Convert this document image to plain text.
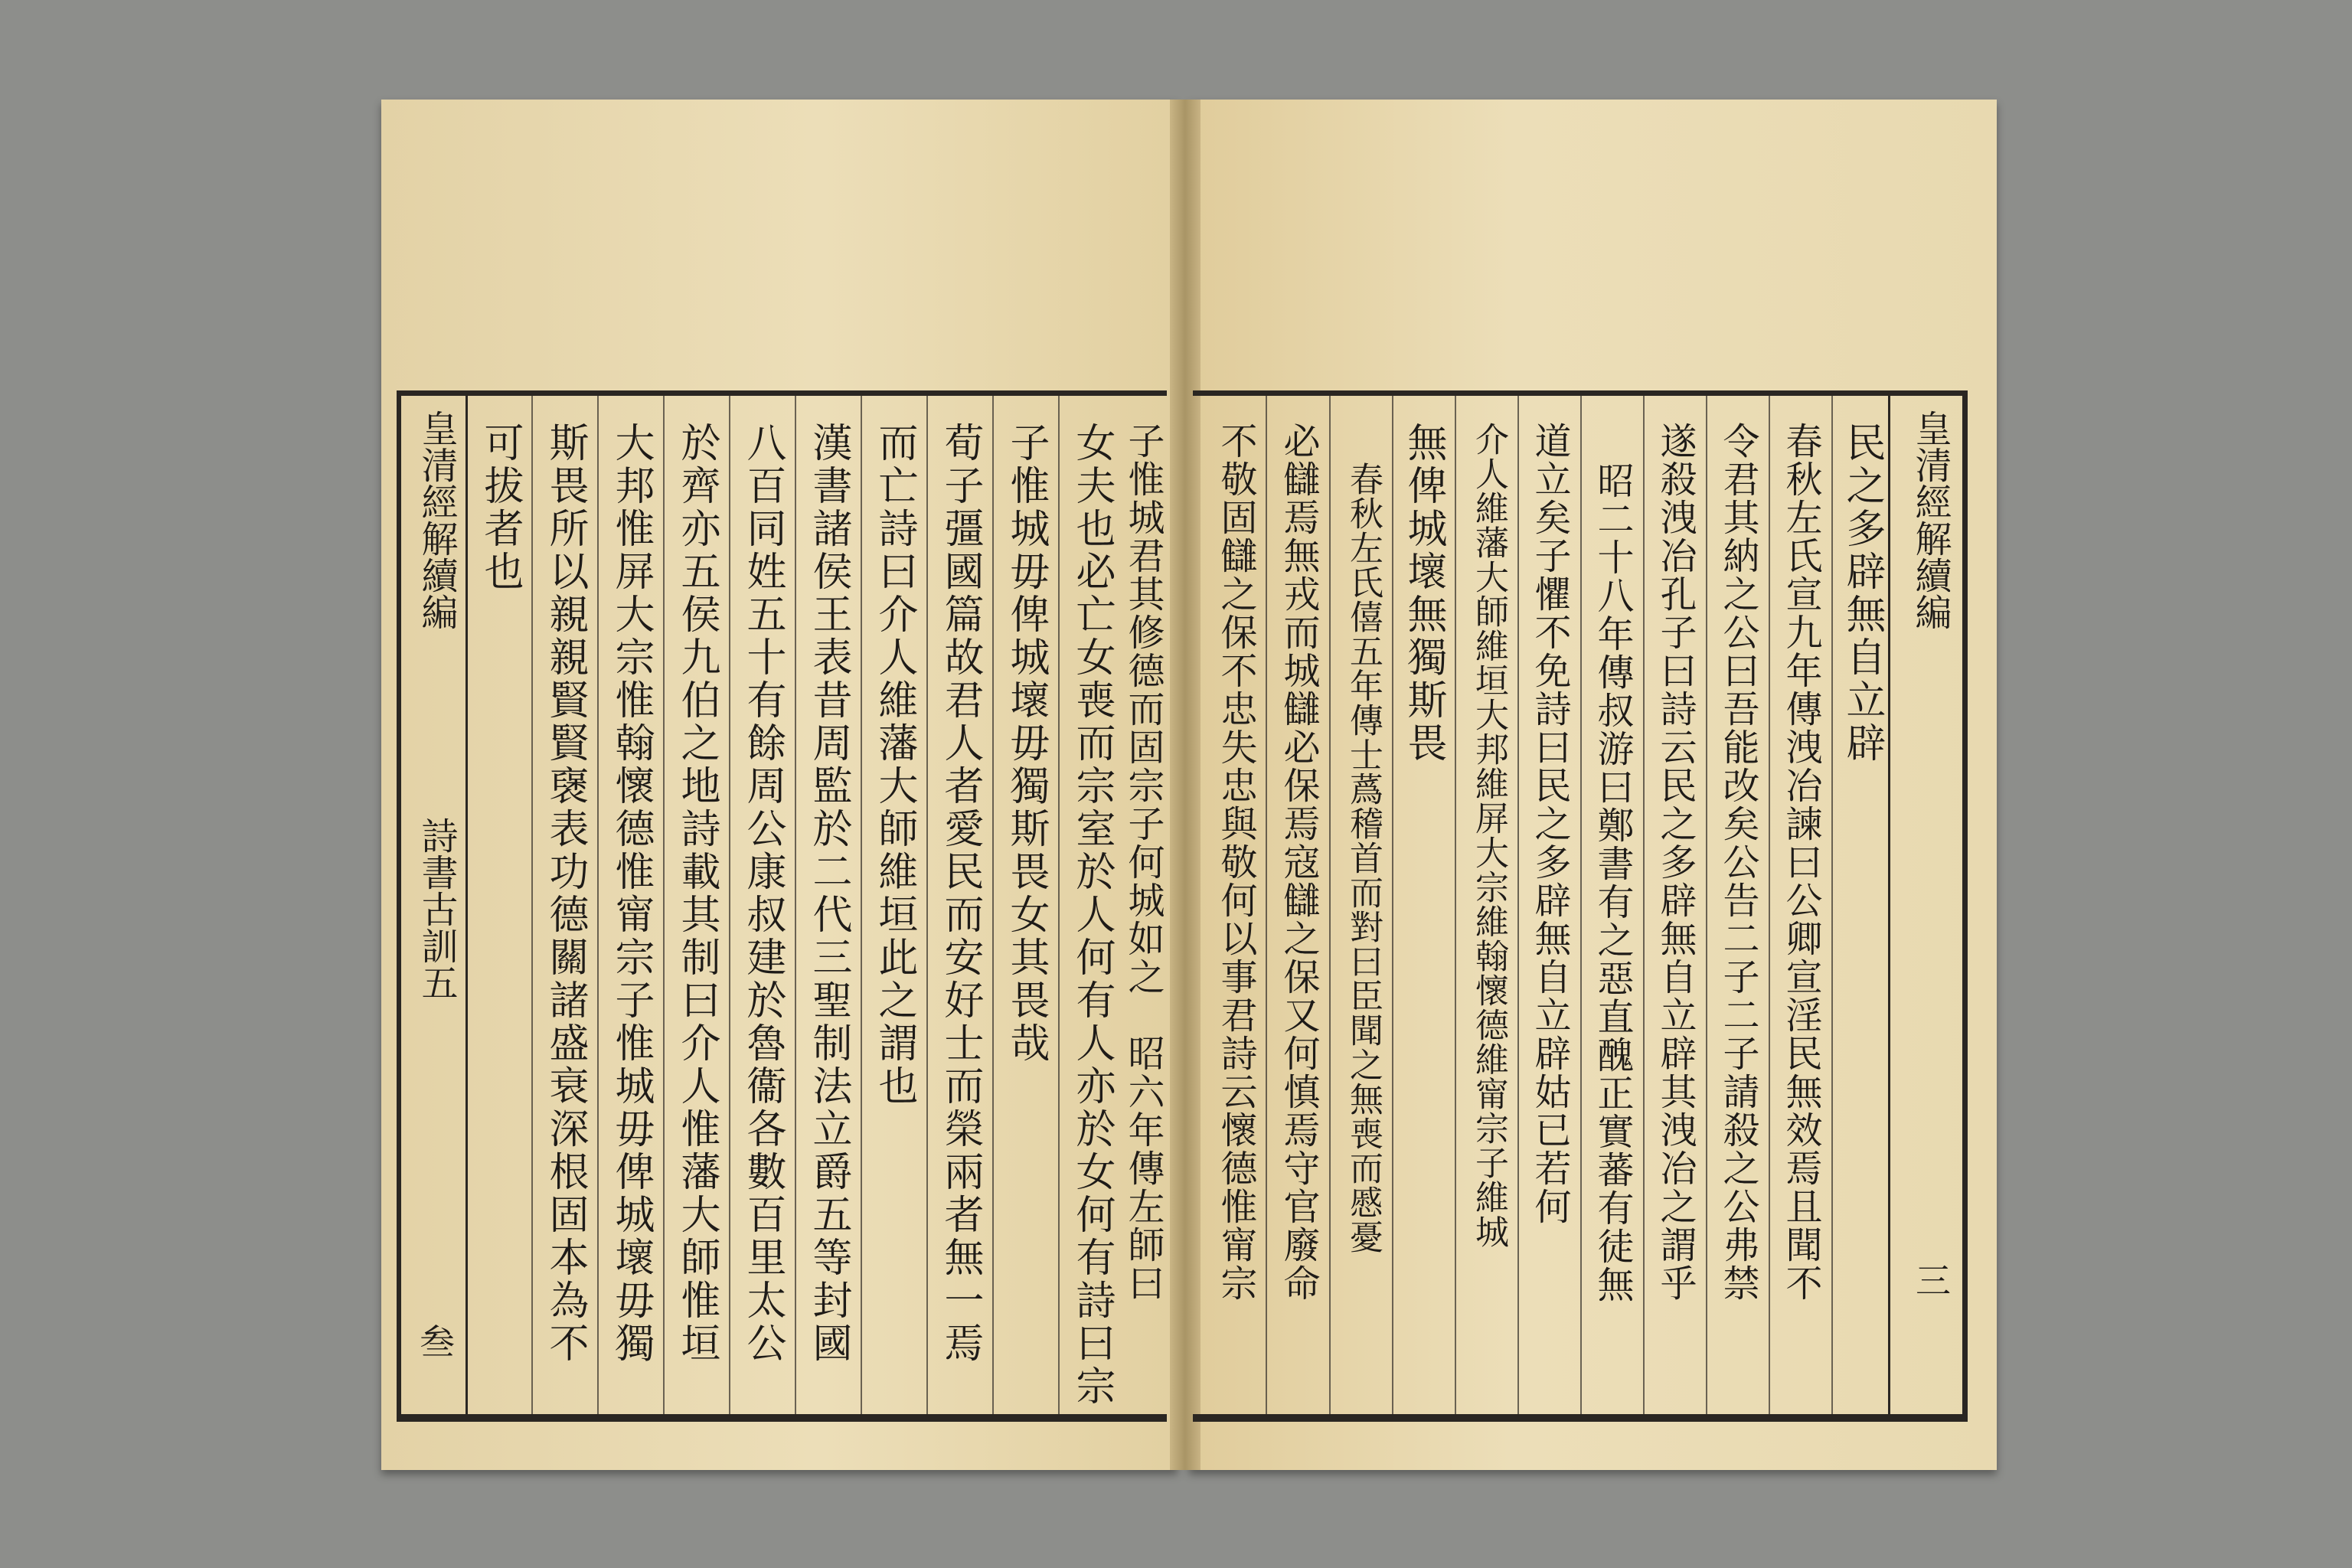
皇清經解續編
詩書古訓五
叁
可拔者也 斯畏所以親親賢賢襃表功德關諸盛衰深根固本為不 大邦惟屏大宗惟翰懷德惟甯宗子惟城毋俾城壞毋獨 於齊亦五侯九伯之地詩載其制曰介人惟藩大師惟垣 八百同姓五十有餘周公康叔建於魯衞各數百里太公 漢書諸侯王表昔周監於二代三聖制法立爵五等封國 而亡詩曰介人維藩大師維垣此之謂也 荀子彊國篇故君人者愛民而安好士而榮兩者無一焉 子惟城毋俾城壞毋獨斯畏女其畏哉 女夫也必亡女喪而宗室於人何有人亦於女何有詩曰宗 子惟城君其修德而固宗子何城如之　昭六年傳左師曰	皇清經解續編
三
民之多辟無自立辟
春秋左氏宣九年傳洩冶諫曰公卿宣淫民無效焉且聞不
令君其納之公曰吾能改矣公告二子二子請殺之公弗禁
遂殺洩冶孔子曰詩云民之多辟無自立辟其洩冶之謂乎
昭二十八年傳叔游曰鄭書有之惡直醜正實蕃有徒無
道立矣子懼不免詩曰民之多辟無自立辟姑已若何
介人維藩大師維垣大邦維屏大宗維翰懷德維甯宗子維城
無俾城壞無獨斯畏
春秋左氏僖五年傳士蔿稽首而對曰臣聞之無喪而慼憂
必讎焉無戎而城讎必保焉寇讎之保又何慎焉守官廢命
不敬固讎之保不忠失忠與敬何以事君詩云懷德惟甯宗
